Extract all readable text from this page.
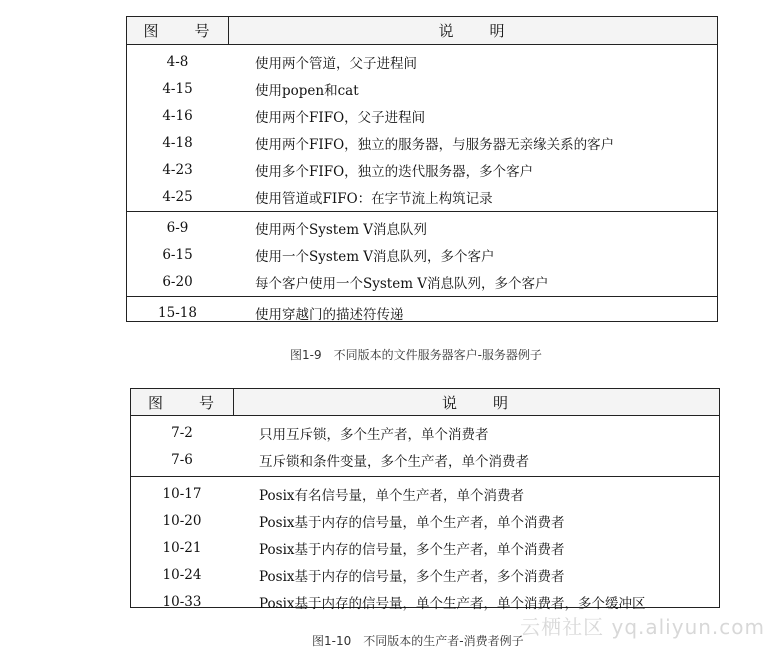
图　　号	说　　明
4-8	使用两个管道，父子进程间
4-15	使用popen和cat
4-16	使用两个FIFO，父子进程间
4-18	使用两个FIFO，独立的服务器，与服务器无亲缘关系的客户
4-23	使用多个FIFO，独立的迭代服务器，多个客户
4-25	使用管道或FIFO：在字节流上构筑记录
6-9	使用两个System V消息队列
6-15	使用一个System V消息队列，多个客户
6-20	每个客户使用一个System V消息队列，多个客户
15-18	使用穿越门的描述符传递
图1-9　不同版本的文件服务器客户-服务器例子
图　　号	说　　明
7-2	只用互斥锁，多个生产者，单个消费者
7-6	互斥锁和条件变量，多个生产者，单个消费者
10-17	Posix有名信号量，单个生产者，单个消费者
10-20	Posix基于内存的信号量，单个生产者，单个消费者
10-21	Posix基于内存的信号量，多个生产者，单个消费者
10-24	Posix基于内存的信号量，多个生产者，多个消费者
10-33	Posix基于内存的信号量，单个生产者，单个消费者，多个缓冲区
图1-10　不同版本的生产者-消费者例子
云栖社区 yq.aliyun.com
